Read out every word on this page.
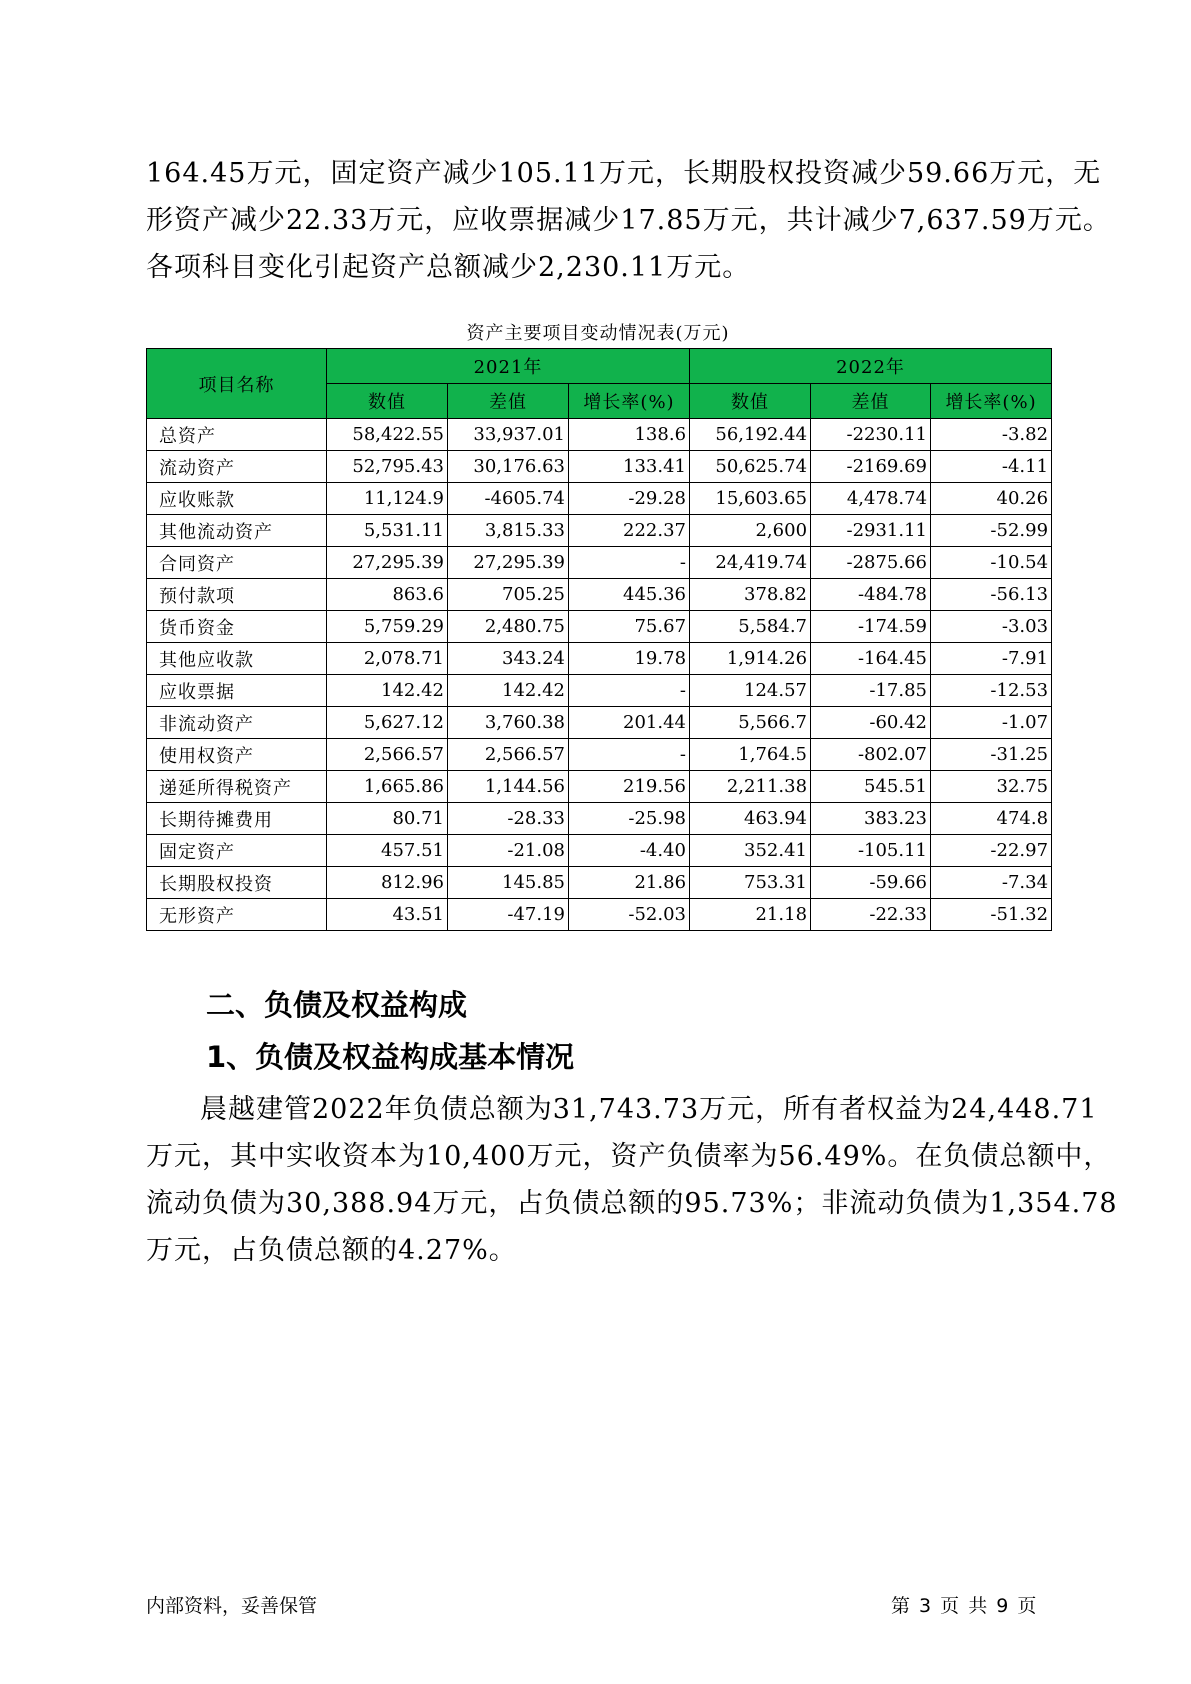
164.45万元，固定资产减少105.11万元，长期股权投资减少59.66万元，无
形资产减少22.33万元，应收票据减少17.85万元，共计减少7,637.59万元。
各项科目变化引起资产总额减少2,230.11万元。

资产主要项目变动情况表(万元)
项目名称	2021年			2022年		
	数值	差值	增长率(%)	数值	差值	增长率(%)
总资产	58,422.55	33,937.01	138.6	56,192.44	-2230.11	-3.82
流动资产	52,795.43	30,176.63	133.41	50,625.74	-2169.69	-4.11
应收账款	11,124.9	-4605.74	-29.28	15,603.65	4,478.74	40.26
其他流动资产	5,531.11	3,815.33	222.37	2,600	-2931.11	-52.99
合同资产	27,295.39	27,295.39	-	24,419.74	-2875.66	-10.54
预付款项	863.6	705.25	445.36	378.82	-484.78	-56.13
货币资金	5,759.29	2,480.75	75.67	5,584.7	-174.59	-3.03
其他应收款	2,078.71	343.24	19.78	1,914.26	-164.45	-7.91
应收票据	142.42	142.42	-	124.57	-17.85	-12.53
非流动资产	5,627.12	3,760.38	201.44	5,566.7	-60.42	-1.07
使用权资产	2,566.57	2,566.57	-	1,764.5	-802.07	-31.25
递延所得税资产	1,665.86	1,144.56	219.56	2,211.38	545.51	32.75
长期待摊费用	80.71	-28.33	-25.98	463.94	383.23	474.8
固定资产	457.51	-21.08	-4.40	352.41	-105.11	-22.97
长期股权投资	812.96	145.85	21.86	753.31	-59.66	-7.34
无形资产	43.51	-47.19	-52.03	21.18	-22.33	-51.32
二、负债及权益构成
1、负债及权益构成基本情况

晨越建管2022年负债总额为31,743.73万元，所有者权益为24,448.71
万元，其中实收资本为10,400万元，资产负债率为56.49%。在负债总额中，
流动负债为30,388.94万元，占负债总额的95.73%；非流动负债为1,354.78
万元，占负债总额的4.27%。

内部资料，妥善保管	第 3 页 共 9 页
